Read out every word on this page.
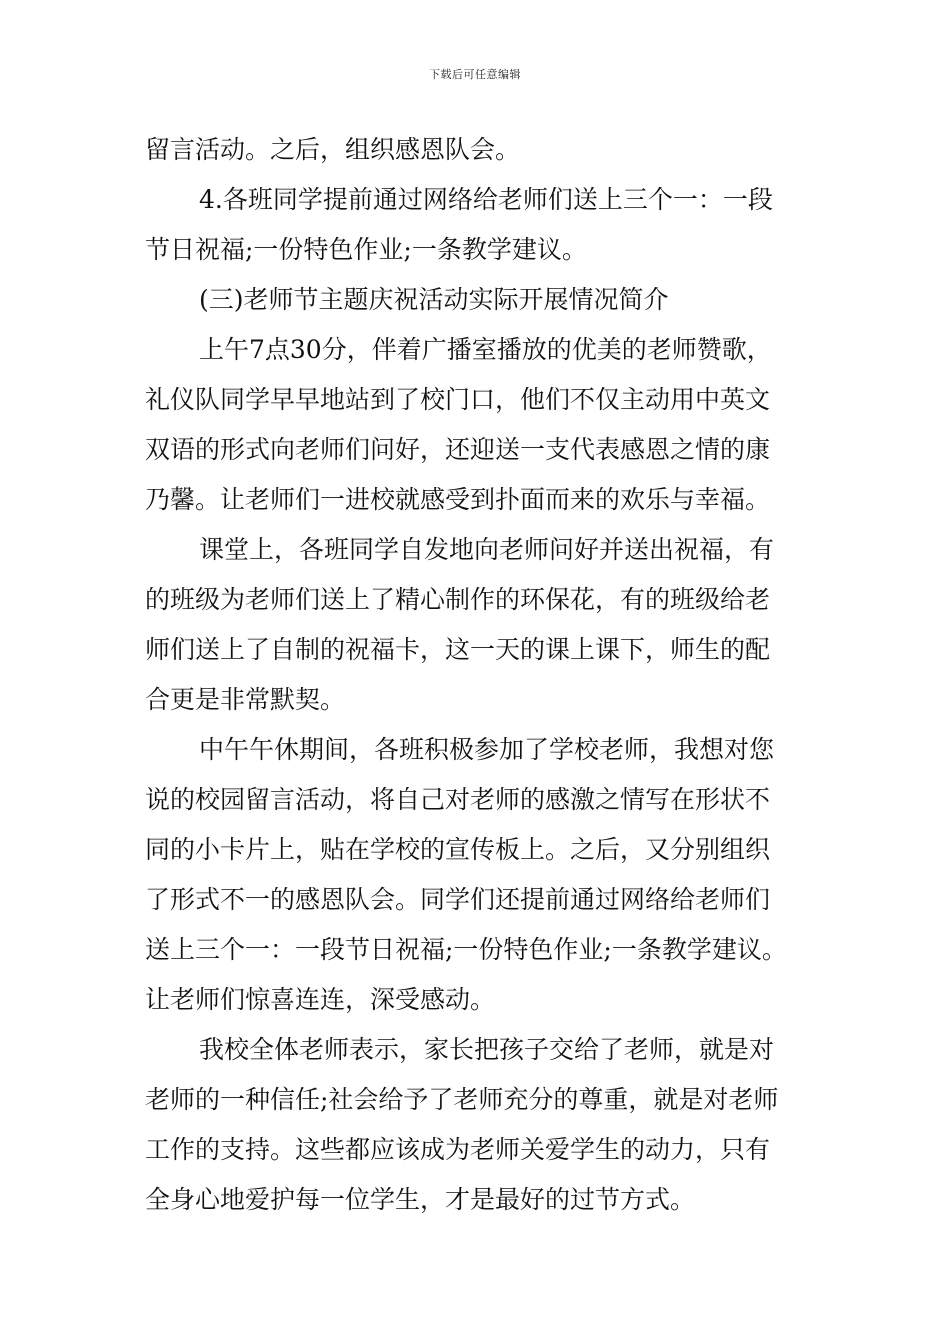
下载后可任意编辑
留言活动。之后，组织感恩队会。
4.各班同学提前通过网络给老师们送上三个一：一段
节日祝福;一份特色作业;一条教学建议。
(三)老师节主题庆祝活动实际开展情况简介
上午7点30分，伴着广播室播放的优美的老师赞歌，
礼仪队同学早早地站到了校门口，他们不仅主动用中英文
双语的形式向老师们问好，还迎送一支代表感恩之情的康
乃馨。让老师们一进校就感受到扑面而来的欢乐与幸福。
课堂上，各班同学自发地向老师问好并送出祝福，有
的班级为老师们送上了精心制作的环保花，有的班级给老
师们送上了自制的祝福卡，这一天的课上课下，师生的配
合更是非常默契。
中午午休期间，各班积极参加了学校老师，我想对您
说的校园留言活动，将自己对老师的感激之情写在形状不
同的小卡片上，贴在学校的宣传板上。之后，又分别组织
了形式不一的感恩队会。同学们还提前通过网络给老师们
送上三个一：一段节日祝福;一份特色作业;一条教学建议。
让老师们惊喜连连，深受感动。
我校全体老师表示，家长把孩子交给了老师，就是对
老师的一种信任;社会给予了老师充分的尊重，就是对老师
工作的支持。这些都应该成为老师关爱学生的动力，只有
全身心地爱护每一位学生，才是最好的过节方式。
